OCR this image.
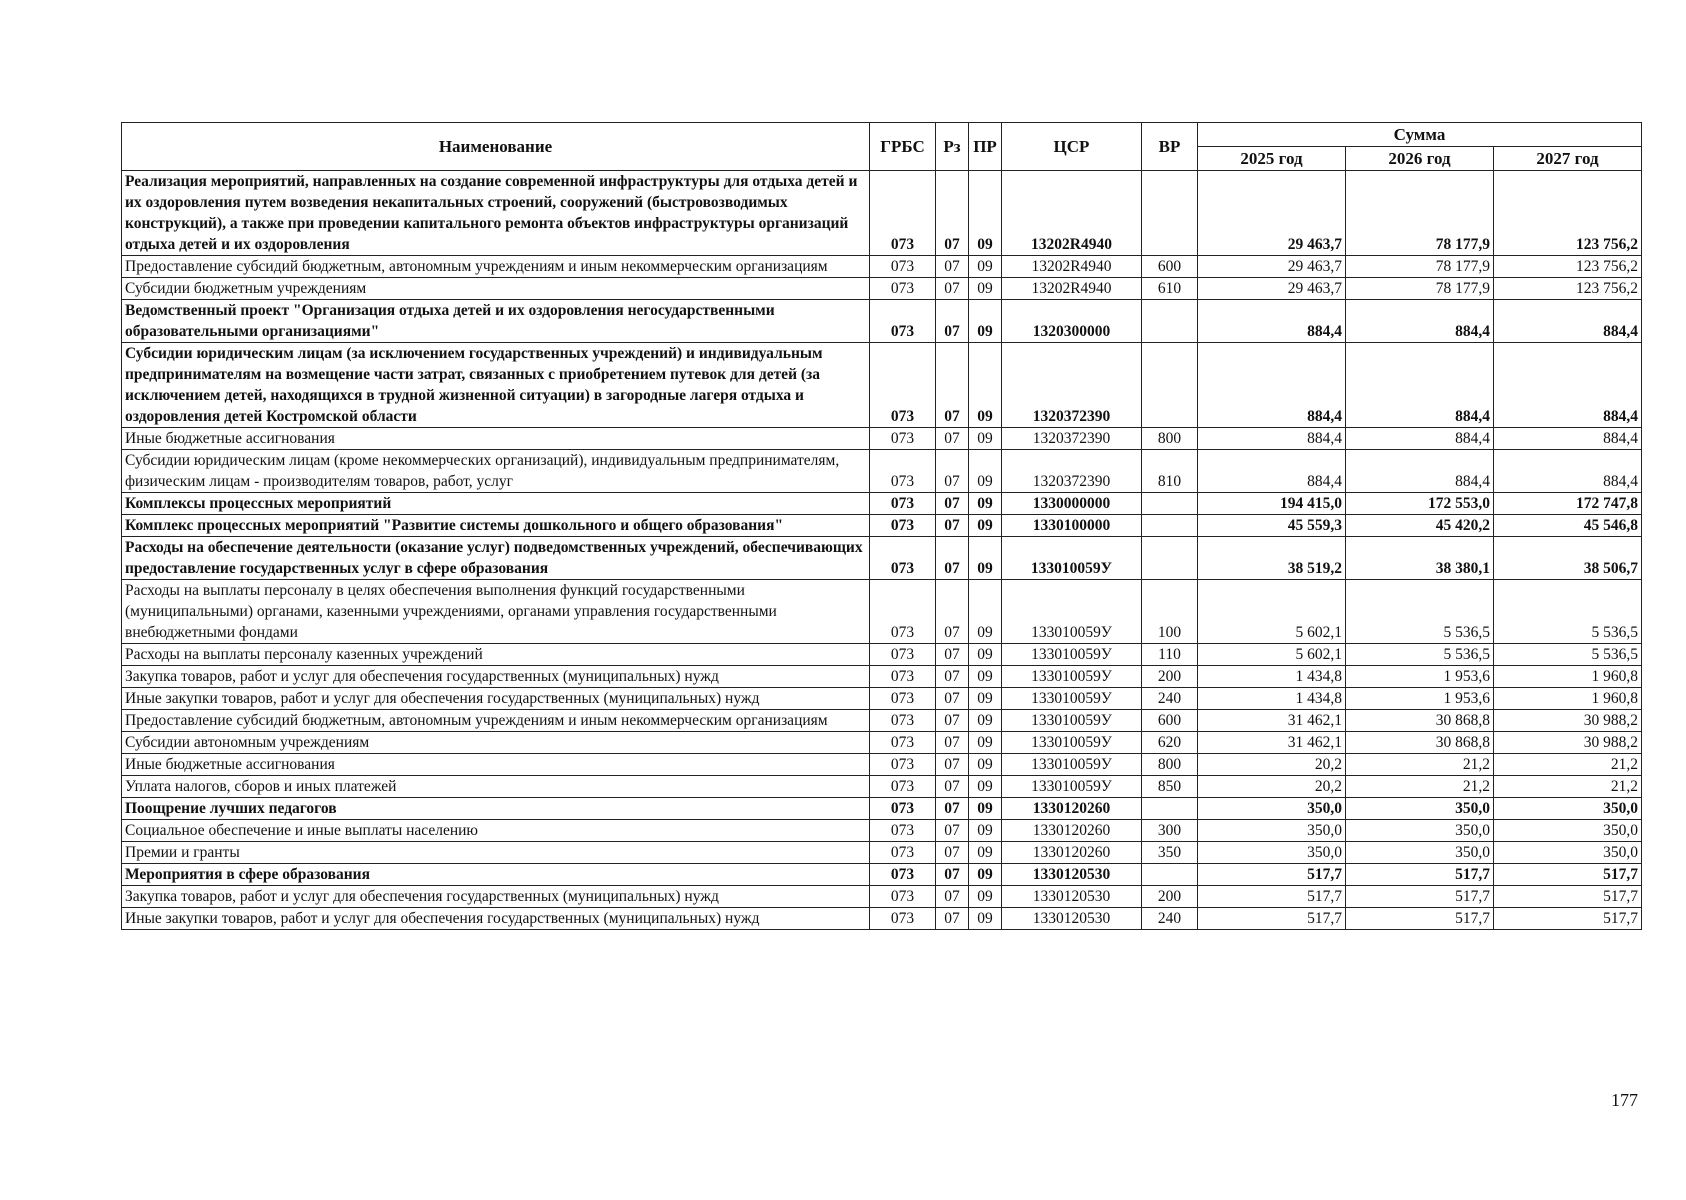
Наименование	ГРБС	Рз	ПР	ЦСР	ВР	Сумма		
						2025 год	2026 год	2027 год
Реализация мероприятий, направленных на создание современной инфраструктуры для отдыха детей и их оздоровления путем возведения некапитальных строений, сооружений (быстровозводимых конструкций), а также при проведении капитального ремонта объектов инфраструктуры организаций отдыха детей и их оздоровления	073	07	09	13202R4940		29 463,7	78 177,9	123 756,2
Предоставление субсидий бюджетным, автономным учреждениям и иным некоммерческим организациям	073	07	09	13202R4940	600	29 463,7	78 177,9	123 756,2
Субсидии бюджетным учреждениям	073	07	09	13202R4940	610	29 463,7	78 177,9	123 756,2
Ведомственный проект "Организация отдыха детей и их оздоровления негосударственными образовательными организациями"	073	07	09	1320300000		884,4	884,4	884,4
Субсидии юридическим лицам (за исключением государственных учреждений) и индивидуальным предпринимателям на возмещение части затрат, связанных с приобретением путевок для детей (за исключением детей, находящихся в трудной жизненной ситуации) в загородные лагеря отдыха и оздоровления детей Костромской области	073	07	09	1320372390		884,4	884,4	884,4
Иные бюджетные ассигнования	073	07	09	1320372390	800	884,4	884,4	884,4
Субсидии юридическим лицам (кроме некоммерческих организаций), индивидуальным предпринимателям, физическим лицам - производителям товаров, работ, услуг	073	07	09	1320372390	810	884,4	884,4	884,4
Комплексы процессных мероприятий	073	07	09	1330000000		194 415,0	172 553,0	172 747,8
Комплекс процессных мероприятий "Развитие системы дошкольного и общего образования"	073	07	09	1330100000		45 559,3	45 420,2	45 546,8
Расходы на обеспечение деятельности (оказание услуг) подведомственных учреждений, обеспечивающих предоставление государственных услуг в сфере образования	073	07	09	133010059У		38 519,2	38 380,1	38 506,7
Расходы на выплаты персоналу в целях обеспечения выполнения функций государственными (муниципальными) органами, казенными учреждениями, органами управления государственными внебюджетными фондами	073	07	09	133010059У	100	5 602,1	5 536,5	5 536,5
Расходы на выплаты персоналу казенных учреждений	073	07	09	133010059У	110	5 602,1	5 536,5	5 536,5
Закупка товаров, работ и услуг для обеспечения государственных (муниципальных) нужд	073	07	09	133010059У	200	1 434,8	1 953,6	1 960,8
Иные закупки товаров, работ и услуг для обеспечения государственных (муниципальных) нужд	073	07	09	133010059У	240	1 434,8	1 953,6	1 960,8
Предоставление субсидий бюджетным, автономным учреждениям и иным некоммерческим организациям	073	07	09	133010059У	600	31 462,1	30 868,8	30 988,2
Субсидии автономным учреждениям	073	07	09	133010059У	620	31 462,1	30 868,8	30 988,2
Иные бюджетные ассигнования	073	07	09	133010059У	800	20,2	21,2	21,2
Уплата налогов, сборов и иных платежей	073	07	09	133010059У	850	20,2	21,2	21,2
Поощрение лучших педагогов	073	07	09	1330120260		350,0	350,0	350,0
Социальное обеспечение и иные выплаты населению	073	07	09	1330120260	300	350,0	350,0	350,0
Премии и гранты	073	07	09	1330120260	350	350,0	350,0	350,0
Мероприятия в сфере образования	073	07	09	1330120530		517,7	517,7	517,7
Закупка товаров, работ и услуг для обеспечения государственных (муниципальных) нужд	073	07	09	1330120530	200	517,7	517,7	517,7
Иные закупки товаров, работ и услуг для обеспечения государственных (муниципальных) нужд	073	07	09	1330120530	240	517,7	517,7	517,7
177
